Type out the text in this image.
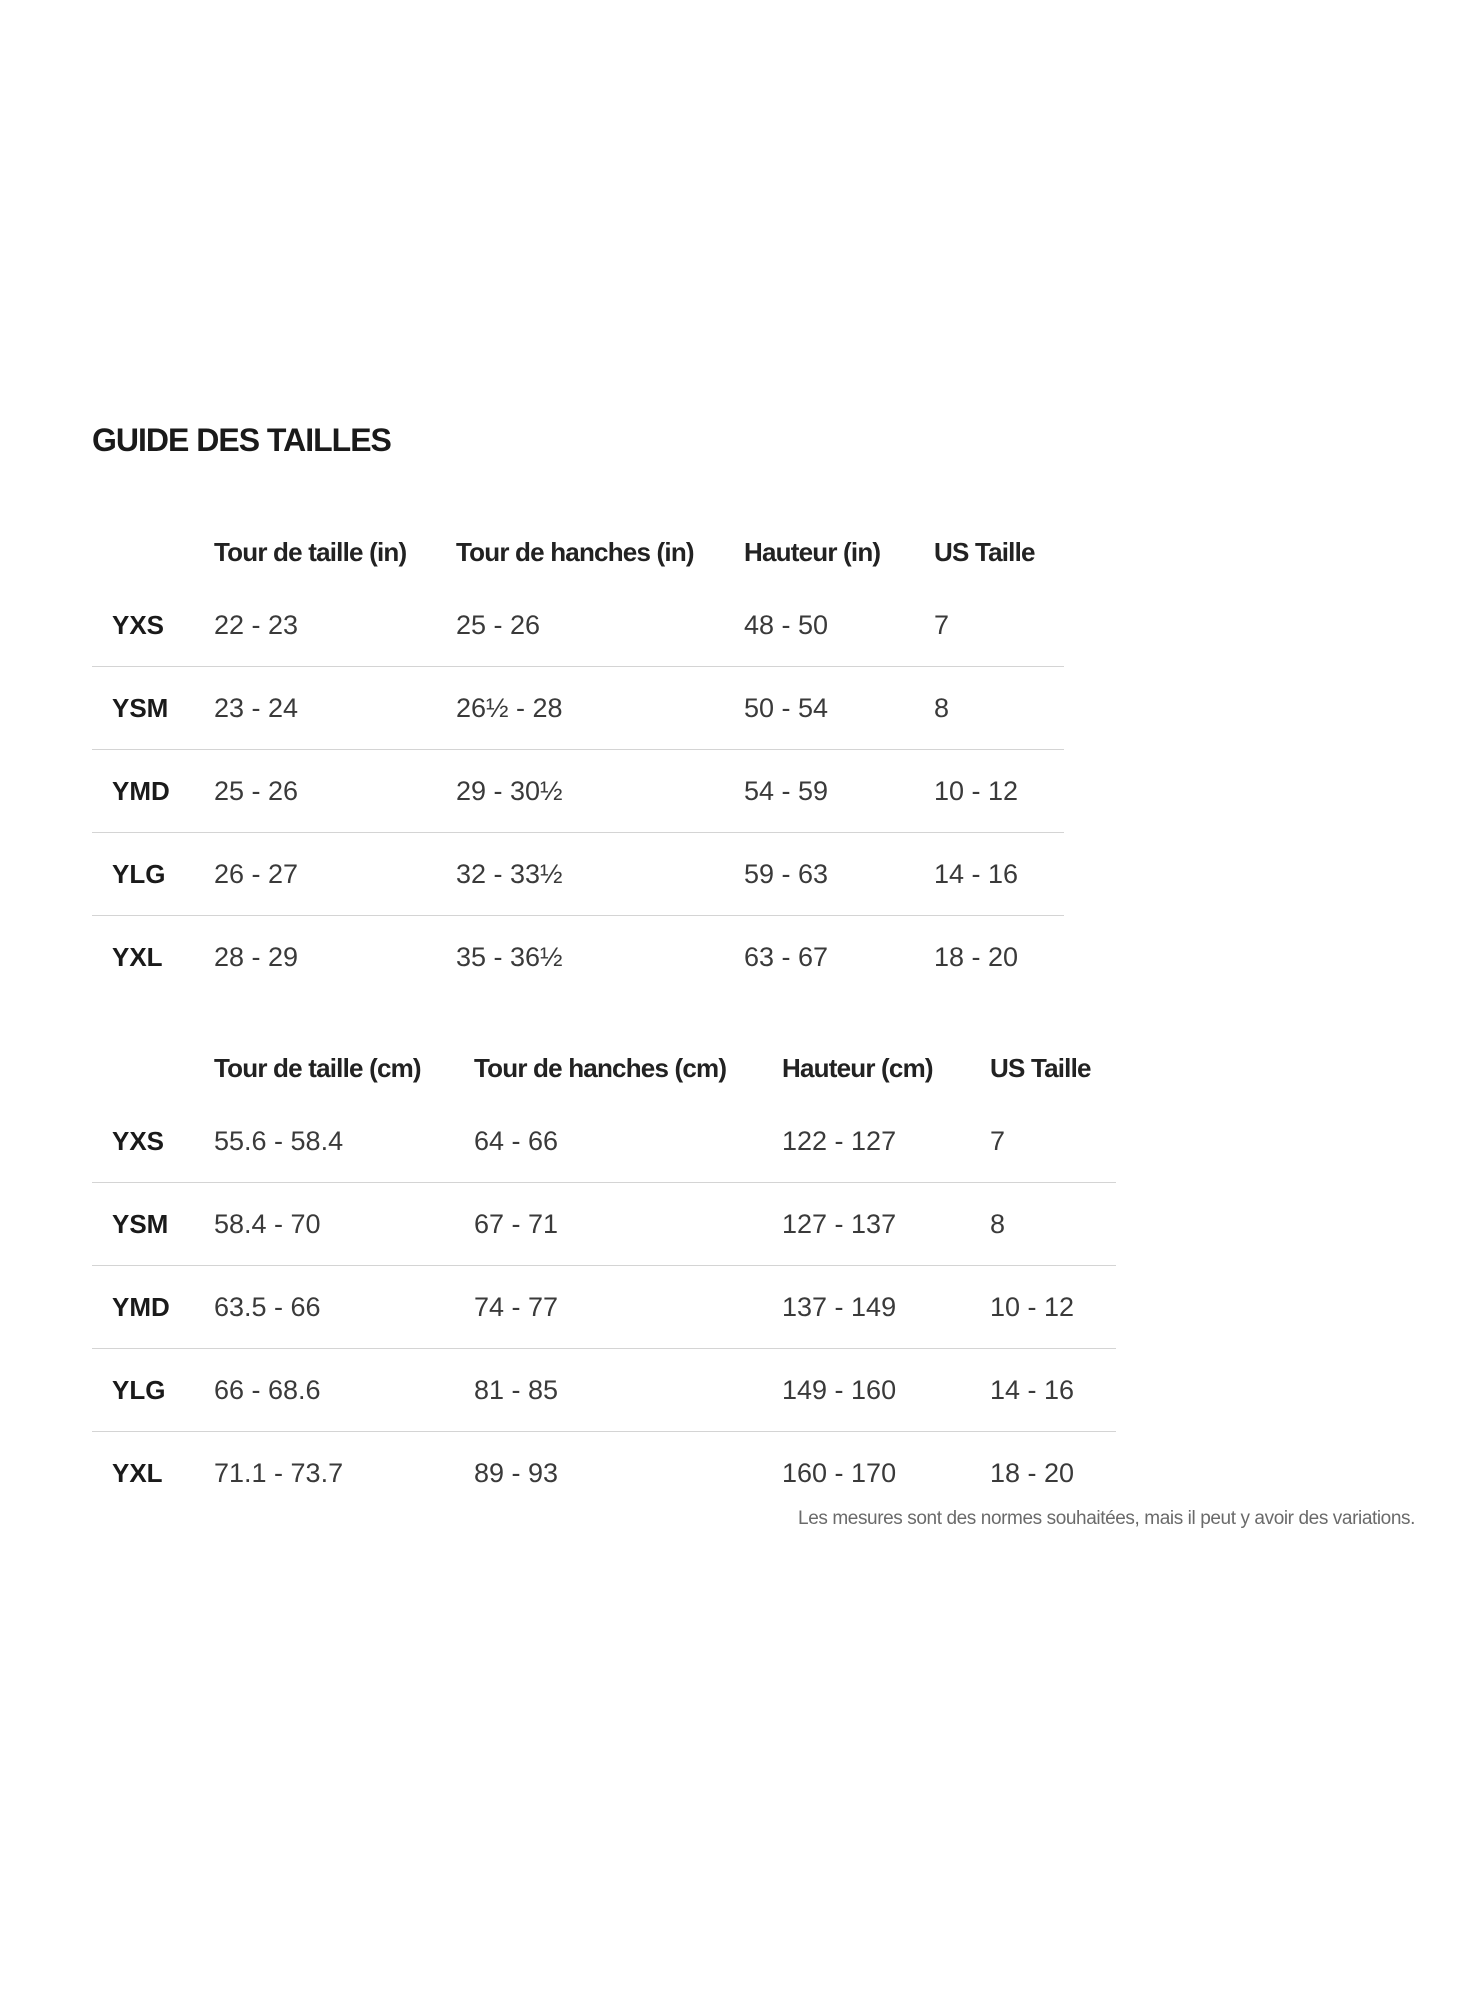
GUIDE DES TAILLES
	Tour de taille (in)	Tour de hanches (in)	Hauteur (in)	US Taille
YXS	22 - 23	25 - 26	48 - 50	7
YSM	23 - 24	26½ - 28	50 - 54	8
YMD	25 - 26	29 - 30½	54 - 59	10 - 12
YLG	26 - 27	32 - 33½	59 - 63	14 - 16
YXL	28 - 29	35 - 36½	63 - 67	18 - 20
	Tour de taille (cm)	Tour de hanches (cm)	Hauteur (cm)	US Taille
YXS	55.6 - 58.4	64 - 66	122 - 127	7
YSM	58.4 - 70	67 - 71	127 - 137	8
YMD	63.5 - 66	74 - 77	137 - 149	10 - 12
YLG	66 - 68.6	81 - 85	149 - 160	14 - 16
YXL	71.1 - 73.7	89 - 93	160 - 170	18 - 20
Les mesures sont des normes souhaitées, mais il peut y avoir des variations.
